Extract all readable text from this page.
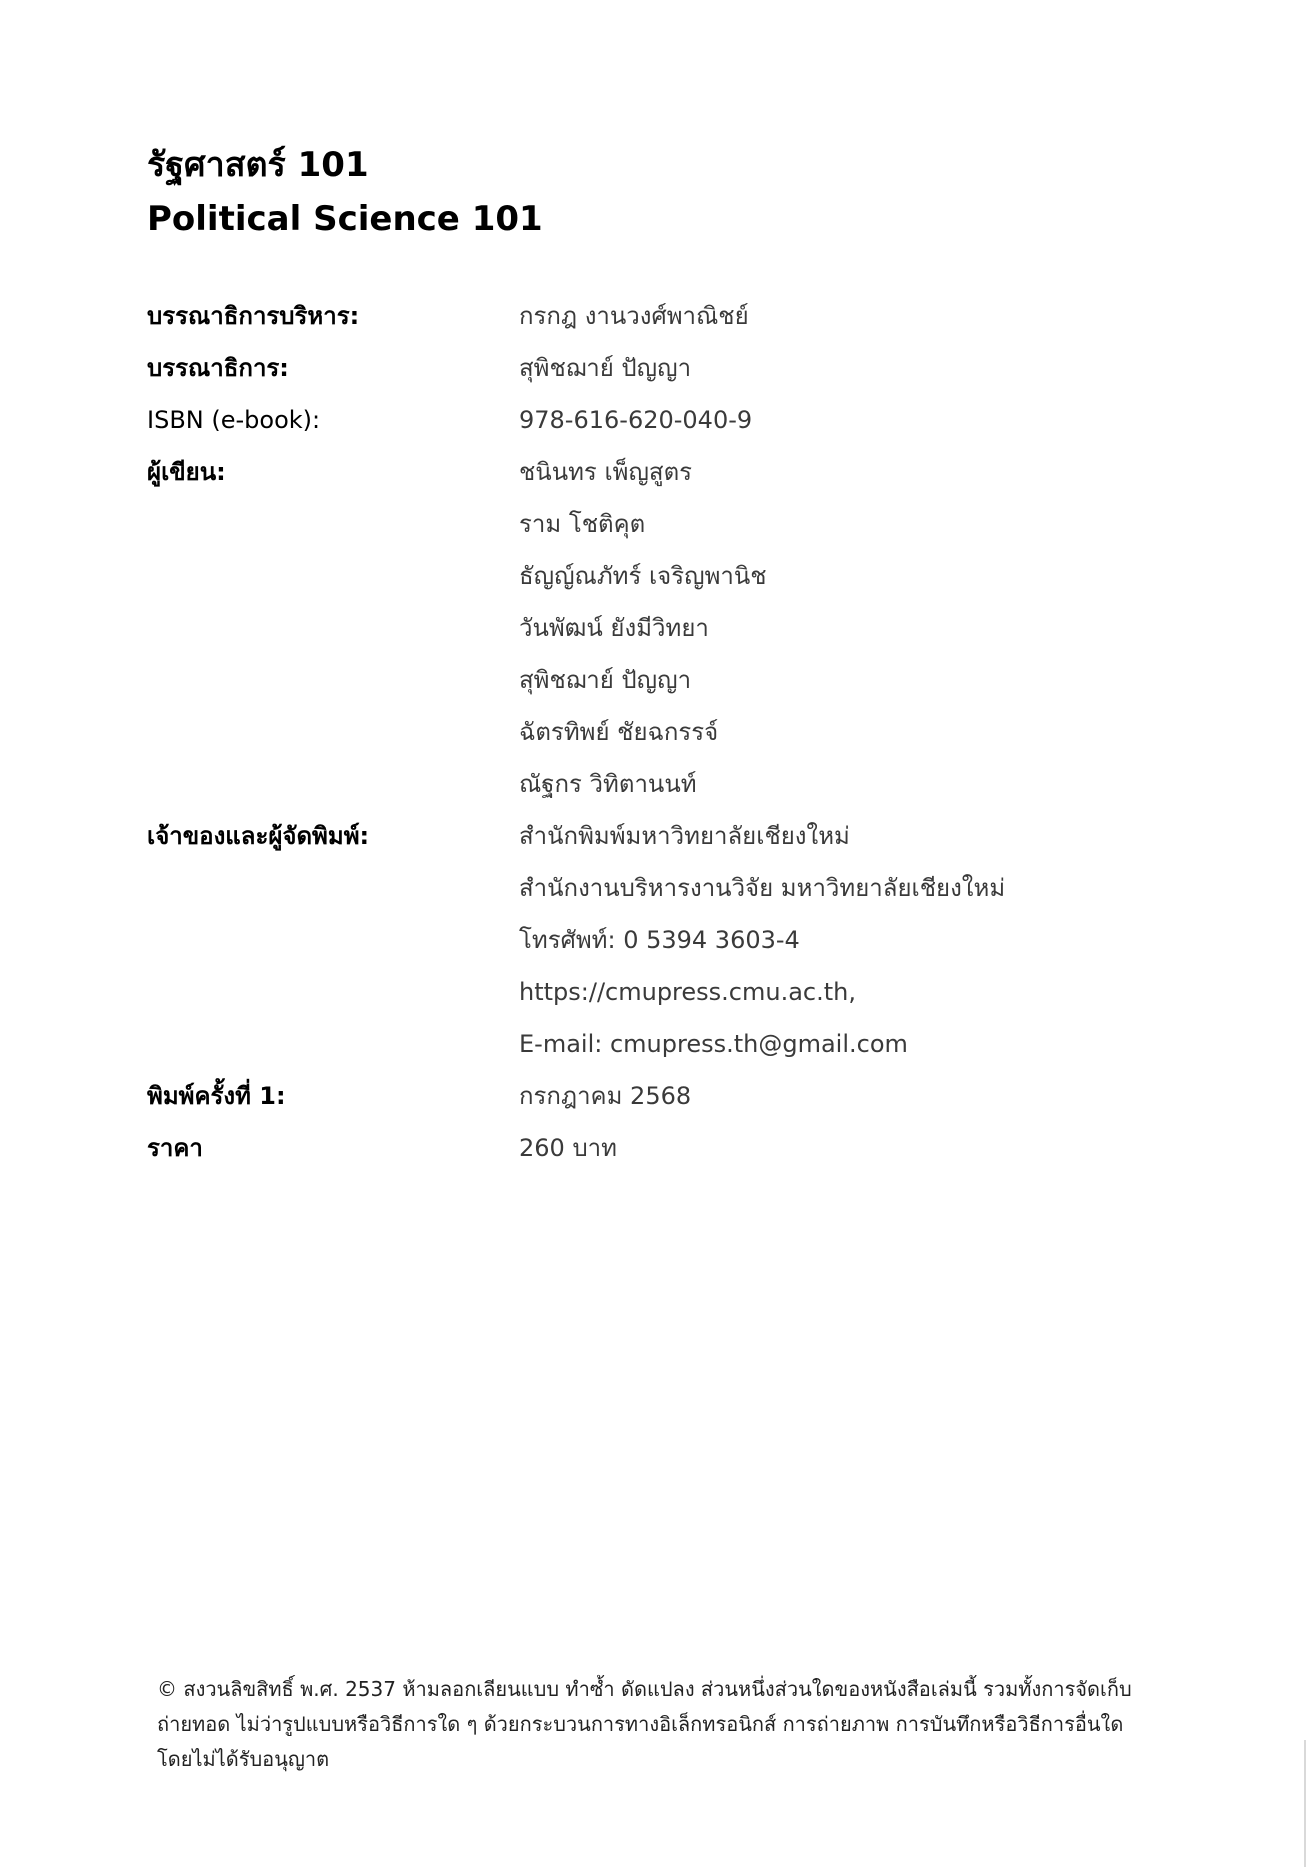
รัฐศาสตร์ 101
Political Science 101
บรรณาธิการบริหาร:	กรกฎ งานวงศ์พาณิชย์
บรรณาธิการ:	สุพิชฌาย์ ปัญญา
ISBN (e-book):	978-616-620-040-9
ผู้เขียน:	ชนินทร เพ็ญสูตร
ราม โชติคุต
ธัญญ์ณภัทร์ เจริญพานิช
วันพัฒน์ ยังมีวิทยา
สุพิชฌาย์ ปัญญา
ฉัตรทิพย์ ชัยฉกรรจ์
ณัฐกร วิทิตานนท์
เจ้าของและผู้จัดพิมพ์:	สำนักพิมพ์มหาวิทยาลัยเชียงใหม่
สำนักงานบริหารงานวิจัย มหาวิทยาลัยเชียงใหม่
โทรศัพท์: 0 5394 3603-4
https://cmupress.cmu.ac.th,
E-mail: cmupress.th@gmail.com
พิมพ์ครั้งที่ 1:	กรกฎาคม 2568
ราคา	260 บาท
© สงวนลิขสิทธิ์ พ.ศ. 2537 ห้ามลอกเลียนแบบ ทำซ้ำ ดัดแปลง ส่วนหนึ่งส่วนใดของหนังสือเล่มนี้ รวมทั้งการจัดเก็บ
ถ่ายทอด ไม่ว่ารูปแบบหรือวิธีการใด ๆ ด้วยกระบวนการทางอิเล็กทรอนิกส์ การถ่ายภาพ การบันทึกหรือวิธีการอื่นใด
โดยไม่ได้รับอนุญาต
